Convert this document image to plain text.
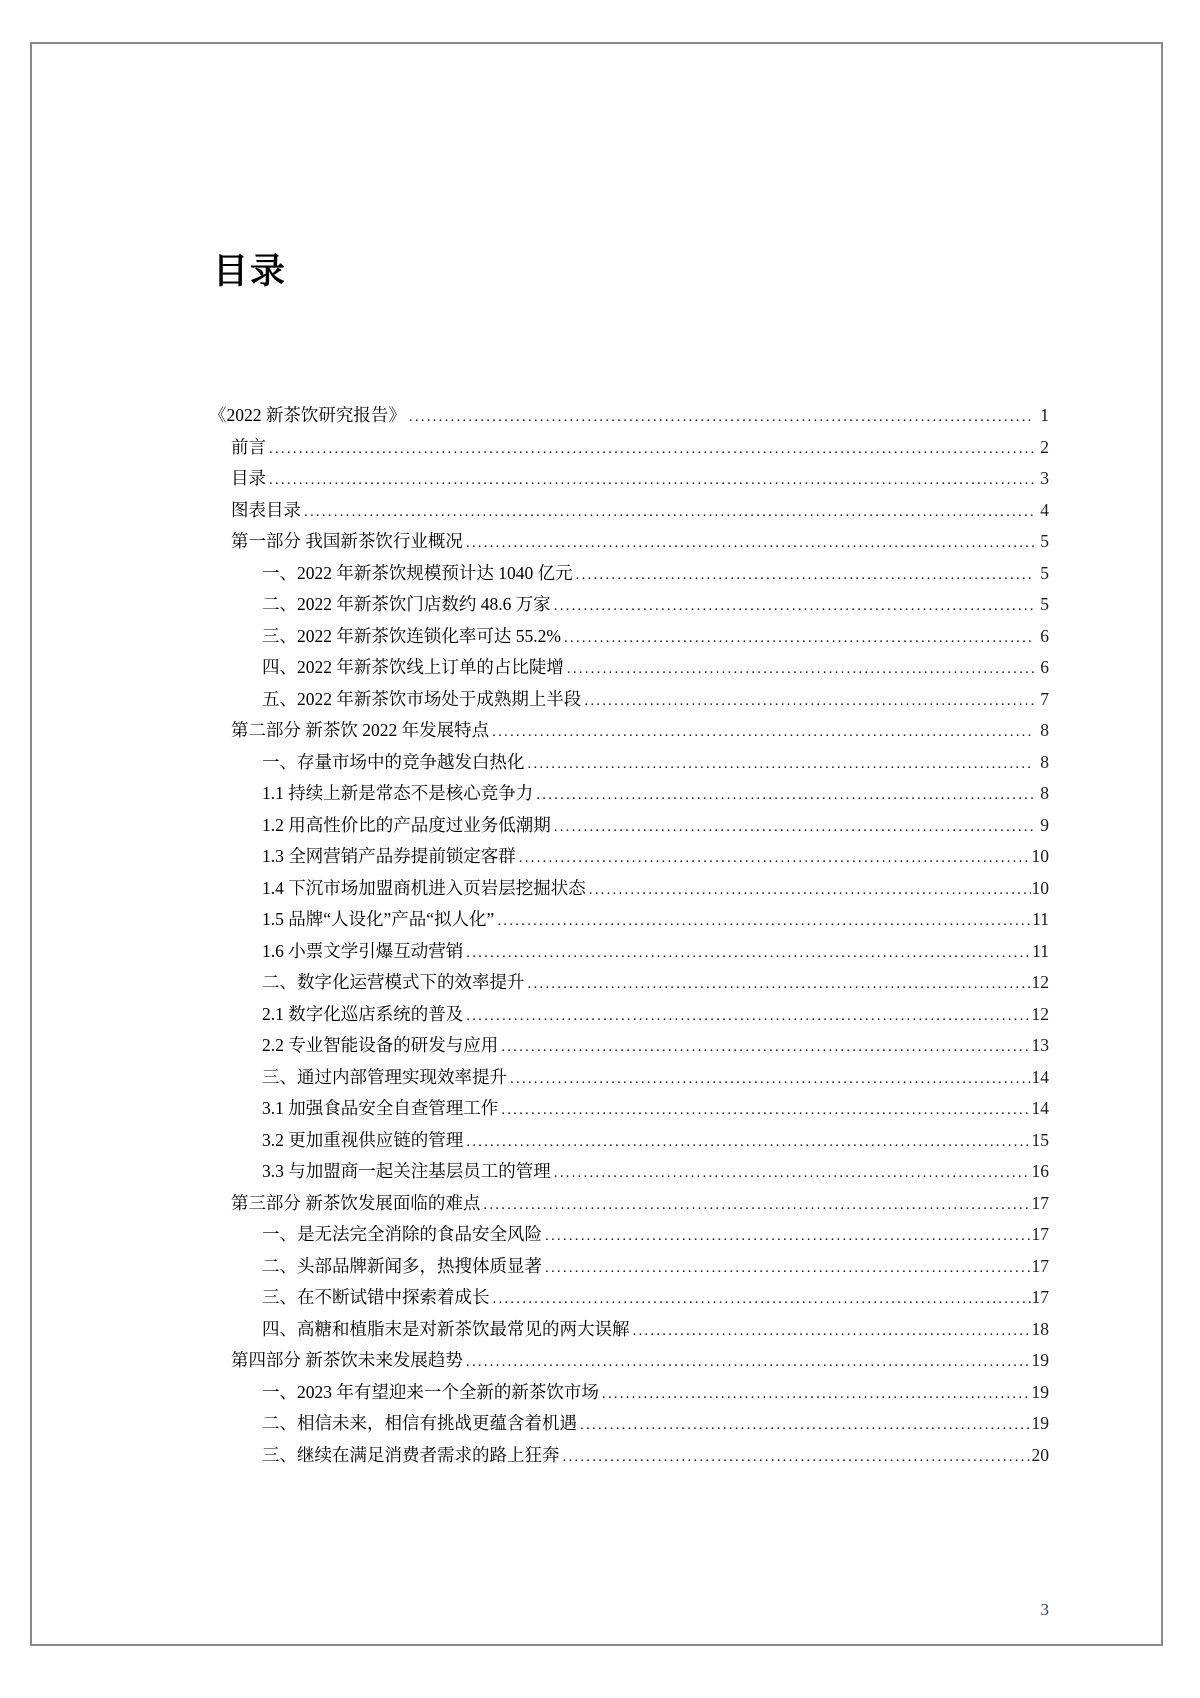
目录
《2022 新茶饮研究报告》 .....	1
前言 .....	2
目录 .....	3
图表目录 .....	4
第一部分 我国新茶饮行业概况 .....	5
一、2022 年新茶饮规模预计达 1040 亿元 .....	5
二、2022 年新茶饮门店数约 48.6 万家 .....	5
三、2022 年新茶饮连锁化率可达 55.2% .....	6
四、2022 年新茶饮线上订单的占比陡增 .....	6
五、2022 年新茶饮市场处于成熟期上半段 .....	7
第二部分 新茶饮 2022 年发展特点 .....	8
一、存量市场中的竞争越发白热化 .....	8
1.1 持续上新是常态不是核心竞争力 .....	8
1.2 用高性价比的产品度过业务低潮期 .....	9
1.3 全网营销产品券提前锁定客群 .....	10
1.4 下沉市场加盟商机进入页岩层挖掘状态 .....	10
1.5 品牌“人设化”产品“拟人化” .....	11
1.6 小票文学引爆互动营销 .....	11
二、数字化运营模式下的效率提升 .....	12
2.1 数字化巡店系统的普及 .....	12
2.2 专业智能设备的研发与应用 .....	13
三、通过内部管理实现效率提升 .....	14
3.1 加强食品安全自查管理工作 .....	14
3.2 更加重视供应链的管理 .....	15
3.3 与加盟商一起关注基层员工的管理 .....	16
第三部分 新茶饮发展面临的难点 .....	17
一、是无法完全消除的食品安全风险 .....	17
二、头部品牌新闻多，热搜体质显著 .....	17
三、在不断试错中探索着成长 .....	17
四、高糖和植脂末是对新茶饮最常见的两大误解 .....	18
第四部分 新茶饮未来发展趋势 .....	19
一、2023 年有望迎来一个全新的新茶饮市场 .....	19
二、相信未来，相信有挑战更蕴含着机遇 .....	19
三、继续在满足消费者需求的路上狂奔 .....	20
3
